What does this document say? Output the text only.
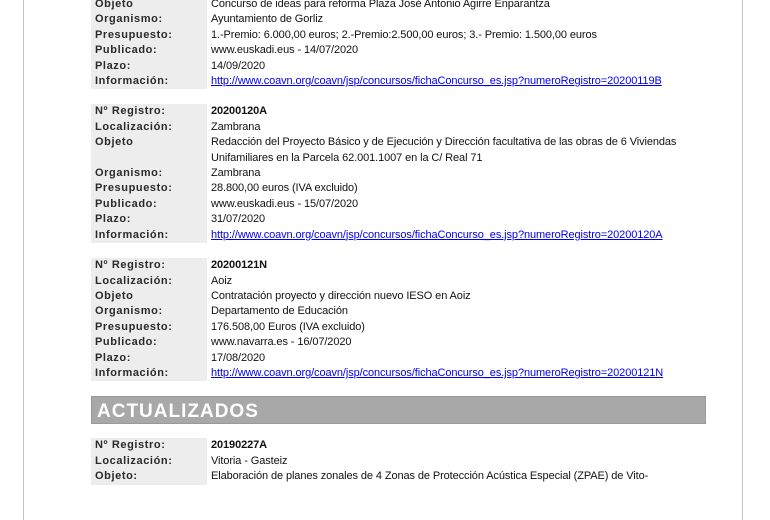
Objeto	Concurso de ideas para reforma Plaza José Antonio Agirre Enparantza
Organismo:	Ayuntamiento de Gorliz
Presupuesto:	1.-Premio: 6.000,00 euros; 2.-Premio:2.500,00 euros; 3.- Premio: 1.500,00 euros
Publicado:	www.euskadi.eus - 14/07/2020
Plazo:	14/09/2020
Información:	http://www.coavn.org/coavn/jsp/concursos/fichaConcurso_es.jsp?numeroRegistro=20200119B
Nº Registro:	20200120A
Localización:	Zambrana
Objeto	Redacción del Proyecto Básico y de Ejecución y Dirección facultativa de las obras de 6 Viviendas Unifamiliares en la Parcela 62.001.1007 en la C/ Real 71
Organismo:	Zambrana
Presupuesto:	28.800,00 euros (IVA excluido)
Publicado:	www.euskadi.eus - 15/07/2020
Plazo:	31/07/2020
Información:	http://www.coavn.org/coavn/jsp/concursos/fichaConcurso_es.jsp?numeroRegistro=20200120A
Nº Registro:	20200121N
Localización:	Aoiz
Objeto	Contratación proyecto y dirección nuevo IESO en Aoiz
Organismo:	Departamento de Educación
Presupuesto:	176.508,00 Euros (IVA excluido)
Publicado:	www.navarra.es - 16/07/2020
Plazo:	17/08/2020
Información:	http://www.coavn.org/coavn/jsp/concursos/fichaConcurso_es.jsp?numeroRegistro=20200121N
ACTUALIZADOS
Nº Registro:	20190227A
Localización:	Vitoria - Gasteiz
Objeto:	Elaboración de planes zonales de 4 Zonas de Protección Acústica Especial (ZPAE) de Vito-
